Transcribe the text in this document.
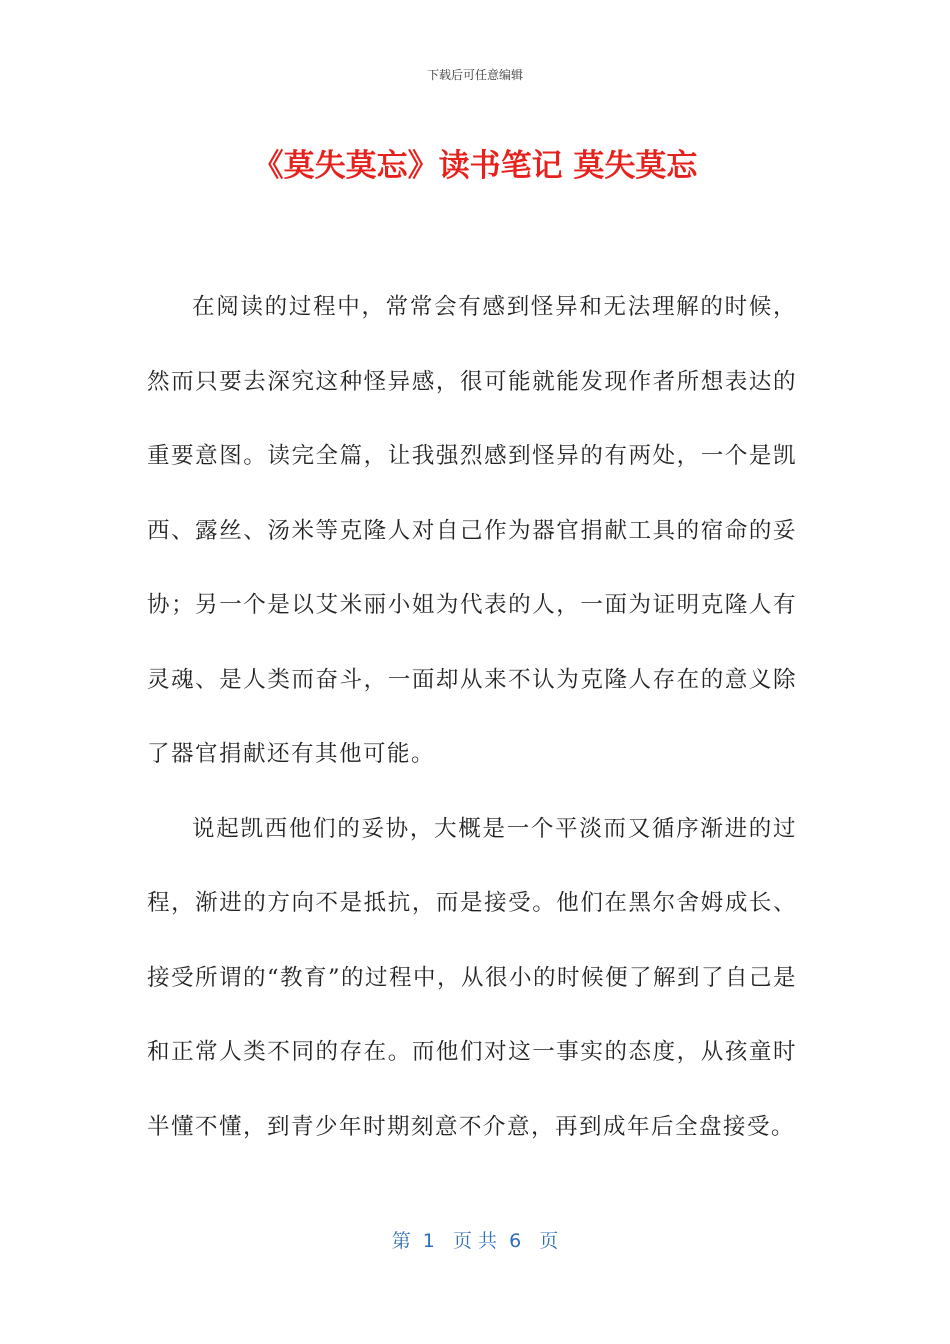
下载后可任意编辑
《莫失莫忘》读书笔记 莫失莫忘

在阅读的过程中，常常会有感到怪异和无法理解的时候，然而只要去深究这种怪异感，很可能就能发现作者所想表达的重要意图。读完全篇，让我强烈感到怪异的有两处，一个是凯西、露丝、汤米等克隆人对自己作为器官捐献工具的宿命的妥协；另一个是以艾米丽小姐为代表的人，一面为证明克隆人有灵魂、是人类而奋斗，一面却从来不认为克隆人存在的意义除了器官捐献还有其他可能。

说起凯西他们的妥协，大概是一个平淡而又循序渐进的过程，渐进的方向不是抵抗，而是接受。他们在黑尔舍姆成长、接受所谓的“教育”的过程中，从很小的时候便了解到了自己是和正常人类不同的存在。而他们对这一事实的态度，从孩童时半懂不懂，到青少年时期刻意不介意，再到成年后全盘接受。

第  1   页 共  6   页
